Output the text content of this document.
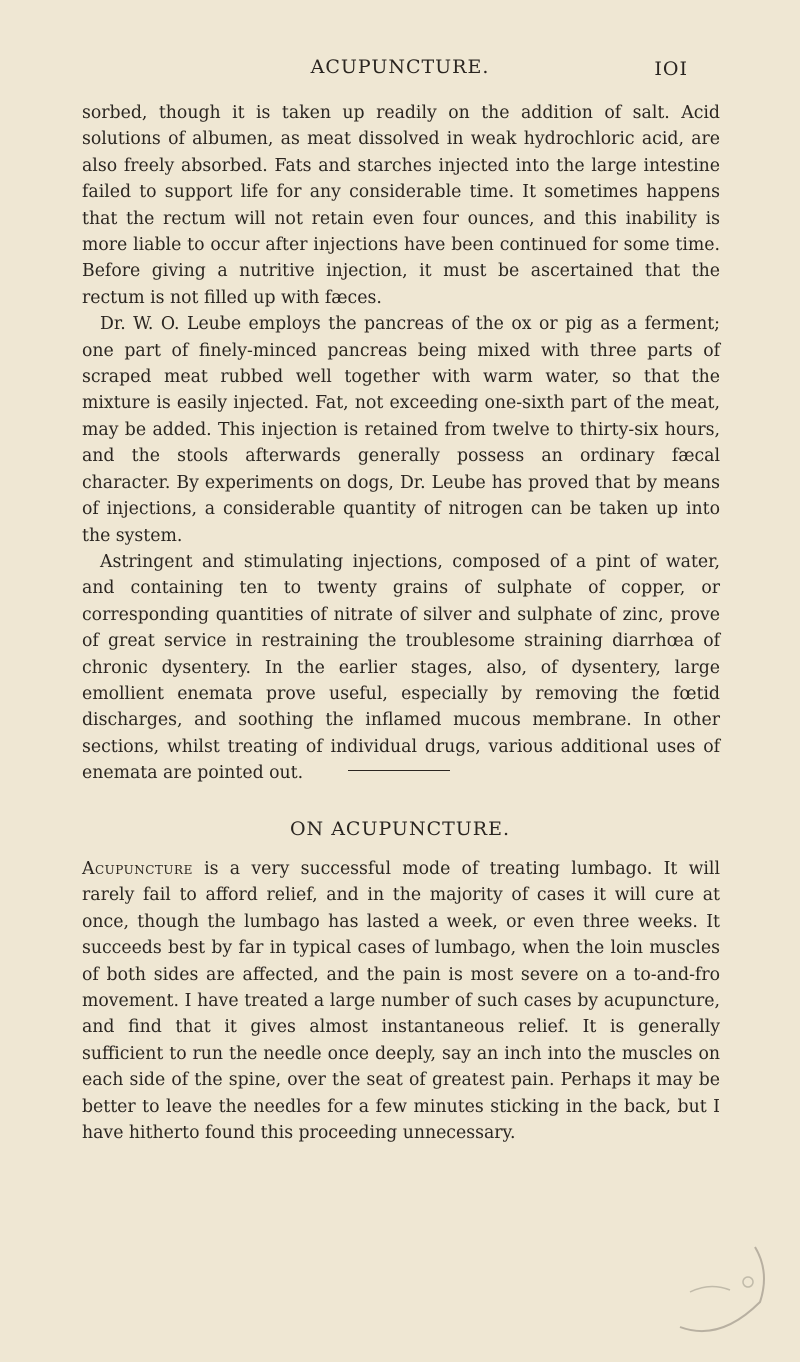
ACUPUNCTURE.	IOI

sorbed, though it is taken up readily on the addition of salt. Acid solutions of albumen, as meat dissolved in weak hydrochloric acid, are also freely absorbed. Fats and starches injected into the large intestine failed to support life for any considerable time. It sometimes happens that the rectum will not retain even four ounces, and this inability is more liable to occur after injections have been continued for some time. Before giving a nutritive injection, it must be ascertained that the rectum is not filled up with fæces.

Dr. W. O. Leube employs the pancreas of the ox or pig as a ferment; one part of finely-minced pancreas being mixed with three parts of scraped meat rubbed well together with warm water, so that the mixture is easily injected. Fat, not exceeding one-sixth part of the meat, may be added. This injection is retained from twelve to thirty-six hours, and the stools afterwards generally possess an ordinary fæcal character. By experiments on dogs, Dr. Leube has proved that by means of injections, a considerable quantity of nitrogen can be taken up into the system.

Astringent and stimulating injections, composed of a pint of water, and containing ten to twenty grains of sulphate of copper, or corresponding quantities of nitrate of silver and sulphate of zinc, prove of great service in restraining the troublesome straining diarrhœa of chronic dysentery. In the earlier stages, also, of dysentery, large emollient enemata prove useful, especially by removing the fœtid discharges, and soothing the inflamed mucous membrane. In other sections, whilst treating of individual drugs, various additional uses of enemata are pointed out.

ON ACUPUNCTURE.

Acupuncture is a very successful mode of treating lumbago. It will rarely fail to afford relief, and in the majority of cases it will cure at once, though the lumbago has lasted a week, or even three weeks. It succeeds best by far in typical cases of lumbago, when the loin muscles of both sides are affected, and the pain is most severe on a to-and-fro movement. I have treated a large number of such cases by acupuncture, and find that it gives almost instantaneous relief. It is generally sufficient to run the needle once deeply, say an inch into the muscles on each side of the spine, over the seat of greatest pain. Perhaps it may be better to leave the needles for a few minutes sticking in the back, but I have hitherto found this proceeding unnecessary.
